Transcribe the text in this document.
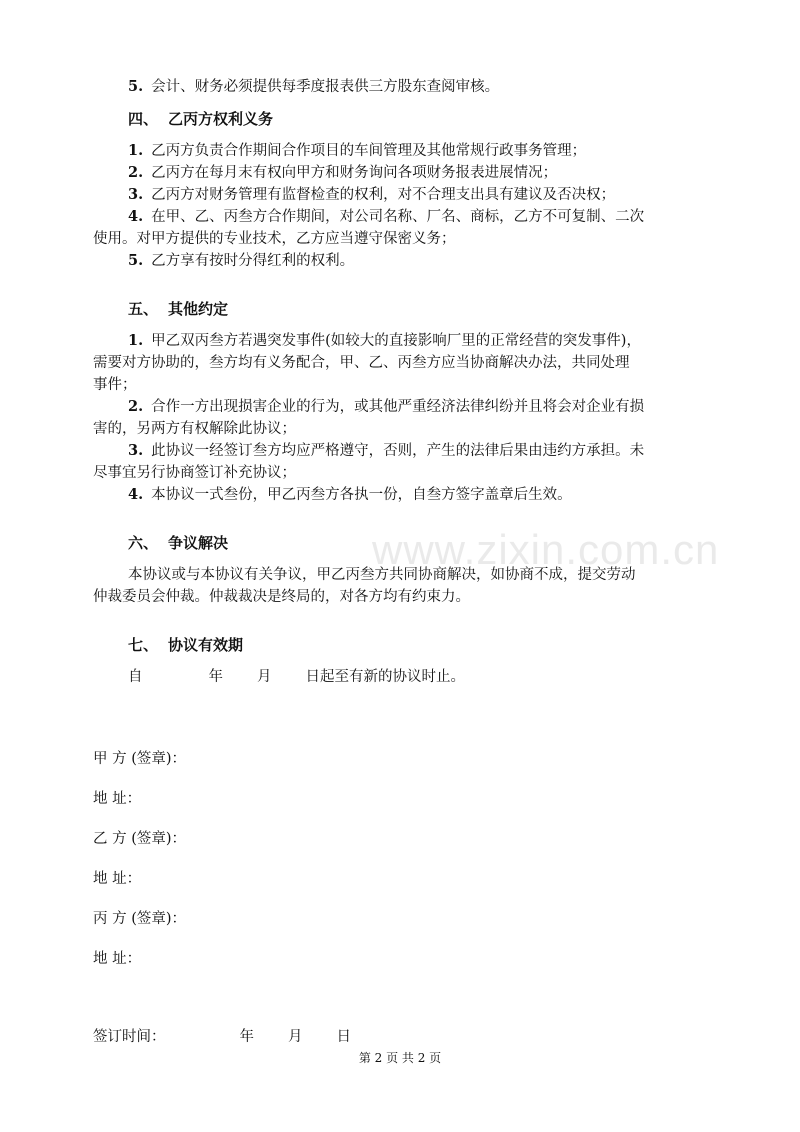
5. 会计、财务必须提供每季度报表供三方股东查阅审核。
四、 乙丙方权利义务
1. 乙丙方负责合作期间合作项目的车间管理及其他常规行政事务管理；
2. 乙丙方在每月末有权向甲方和财务询问各项财务报表进展情况；
3. 乙丙方对财务管理有监督检查的权利，对不合理支出具有建议及否决权；
4. 在甲、乙、丙叁方合作期间，对公司名称、厂名、商标，乙方不可复制、二次
使用。对甲方提供的专业技术，乙方应当遵守保密义务；
5. 乙方享有按时分得红利的权利。
五、 其他约定
1. 甲乙双丙叁方若遇突发事件(如较大的直接影响厂里的正常经营的突发事件)，
需要对方协助的，叁方均有义务配合，甲、乙、丙叁方应当协商解决办法，共同处理
事件；
2. 合作一方出现损害企业的行为，或其他严重经济法律纠纷并且将会对企业有损
害的，另两方有权解除此协议；
3. 此协议一经签订叁方均应严格遵守，否则，产生的法律后果由违约方承担。未
尽事宜另行协商签订补充协议；
4. 本协议一式叁份，甲乙丙叁方各执一份，自叁方签字盖章后生效。
六、 争议解决
本协议或与本协议有关争议，甲乙丙叁方共同协商解决，如协商不成，提交劳动
仲裁委员会仲裁。仲裁裁决是终局的，对各方均有约束力。
www.zixin.com.cn
七、 协议有效期
自	年 月 日起至有新的协议时止。
甲 方 (签章)：
地 址：
乙 方 (签章)：
地 址：
丙 方 (签章)：
地 址：
签订时间：	年 月 日
第 2 页 共 2 页
